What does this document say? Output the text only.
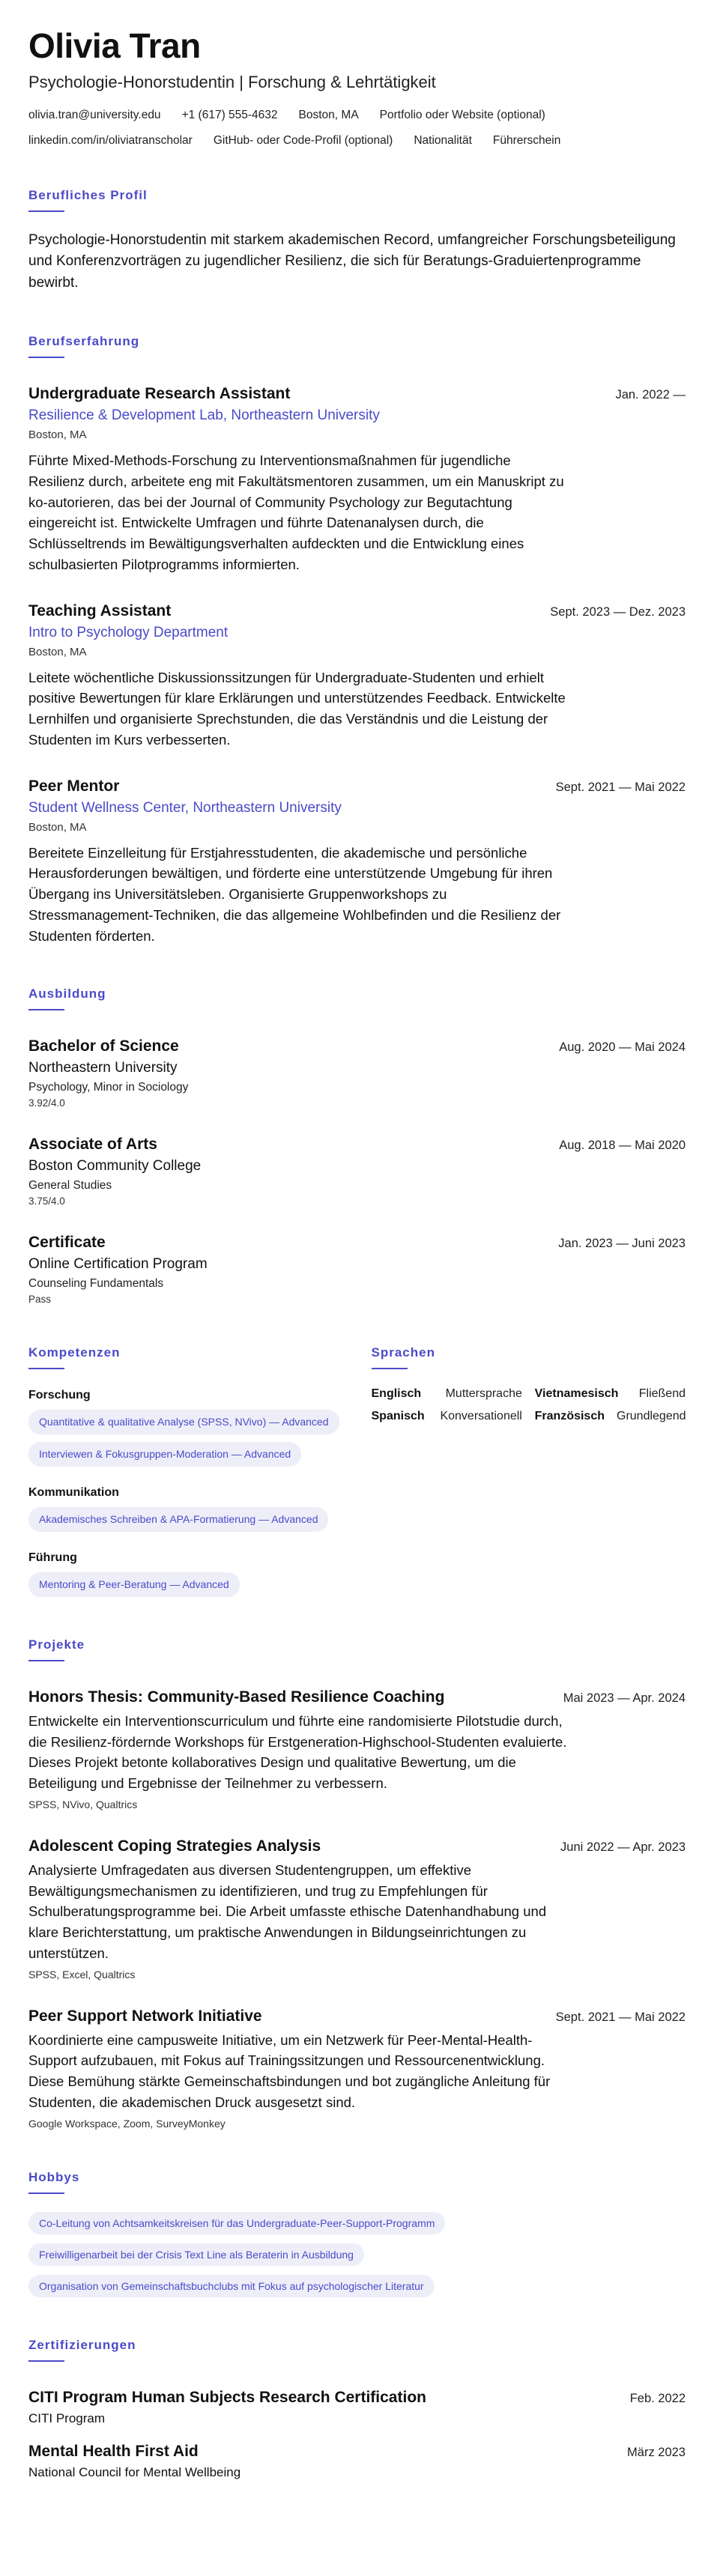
Olivia Tran
Psychologie-Honorstudentin | Forschung & Lehrtätigkeit
olivia.tran@university.edu +1 (617) 555-4632 Boston, MA Portfolio oder Website (optional)
linkedin.com/in/oliviatranscholar GitHub- oder Code-Profil (optional) Nationalität Führerschein
Berufliches Profil
Psychologie-Honorstudentin mit starkem akademischen Record, umfangreicher Forschungsbeteiligung und Konferenzvorträgen zu jugendlicher Resilienz, die sich für Beratungs-Graduiertenprogramme bewirbt.
Berufserfahrung
Undergraduate Research Assistant	Jan. 2022 —
Resilience & Development Lab, Northeastern University
Boston, MA
Führte Mixed-Methods-Forschung zu Interventionsmaßnahmen für jugendliche Resilienz durch, arbeitete eng mit Fakultätsmentoren zusammen, um ein Manuskript zu ko-autorieren, das bei der Journal of Community Psychology zur Begutachtung eingereicht ist. Entwickelte Umfragen und führte Datenanalysen durch, die Schlüsseltrends im Bewältigungsverhalten aufdeckten und die Entwicklung eines schulbasierten Pilotprogramms informierten.
Teaching Assistant	Sept. 2023 — Dez. 2023
Intro to Psychology Department
Boston, MA
Leitete wöchentliche Diskussionssitzungen für Undergraduate-Studenten und erhielt positive Bewertungen für klare Erklärungen und unterstützendes Feedback. Entwickelte Lernhilfen und organisierte Sprechstunden, die das Verständnis und die Leistung der Studenten im Kurs verbesserten.
Peer Mentor	Sept. 2021 — Mai 2022
Student Wellness Center, Northeastern University
Boston, MA
Bereitete Einzelleitung für Erstjahresstudenten, die akademische und persönliche Herausforderungen bewältigen, und förderte eine unterstützende Umgebung für ihren Übergang ins Universitätsleben. Organisierte Gruppenworkshops zu Stressmanagement-Techniken, die das allgemeine Wohlbefinden und die Resilienz der Studenten förderten.
Ausbildung
Bachelor of Science	Aug. 2020 — Mai 2024
Northeastern University
Psychology, Minor in Sociology
3.92/4.0
Associate of Arts	Aug. 2018 — Mai 2020
Boston Community College
General Studies
3.75/4.0
Certificate	Jan. 2023 — Juni 2023
Online Certification Program
Counseling Fundamentals
Pass
Kompetenzen
Forschung
Quantitative & qualitative Analyse (SPSS, NVivo) — Advanced
Interviewen & Fokusgruppen-Moderation — Advanced
Kommunikation
Akademisches Schreiben & APA-Formatierung — Advanced
Führung
Mentoring & Peer-Beratung — Advanced
Sprachen
Englisch Muttersprache Vietnamesisch Fließend
Spanisch Konversationell Französisch Grundlegend
Projekte
Honors Thesis: Community-Based Resilience Coaching	Mai 2023 — Apr. 2024
Entwickelte ein Interventionscurriculum und führte eine randomisierte Pilotstudie durch, die Resilienz-fördernde Workshops für Erstgeneration-Highschool-Studenten evaluierte. Dieses Projekt betonte kollaboratives Design und qualitative Bewertung, um die Beteiligung und Ergebnisse der Teilnehmer zu verbessern.
SPSS, NVivo, Qualtrics
Adolescent Coping Strategies Analysis	Juni 2022 — Apr. 2023
Analysierte Umfragedaten aus diversen Studentengruppen, um effektive Bewältigungsmechanismen zu identifizieren, und trug zu Empfehlungen für Schulberatungsprogramme bei. Die Arbeit umfasste ethische Datenhandhabung und klare Berichterstattung, um praktische Anwendungen in Bildungseinrichtungen zu unterstützen.
SPSS, Excel, Qualtrics
Peer Support Network Initiative	Sept. 2021 — Mai 2022
Koordinierte eine campusweite Initiative, um ein Netzwerk für Peer-Mental-Health-Support aufzubauen, mit Fokus auf Trainingssitzungen und Ressourcenentwicklung. Diese Bemühung stärkte Gemeinschaftsbindungen und bot zugängliche Anleitung für Studenten, die akademischen Druck ausgesetzt sind.
Google Workspace, Zoom, SurveyMonkey
Hobbys
Co-Leitung von Achtsamkeitskreisen für das Undergraduate-Peer-Support-Programm
Freiwilligenarbeit bei der Crisis Text Line als Beraterin in Ausbildung
Organisation von Gemeinschaftsbuchclubs mit Fokus auf psychologischer Literatur
Zertifizierungen
CITI Program Human Subjects Research Certification	Feb. 2022
CITI Program
Mental Health First Aid	März 2023
National Council for Mental Wellbeing
